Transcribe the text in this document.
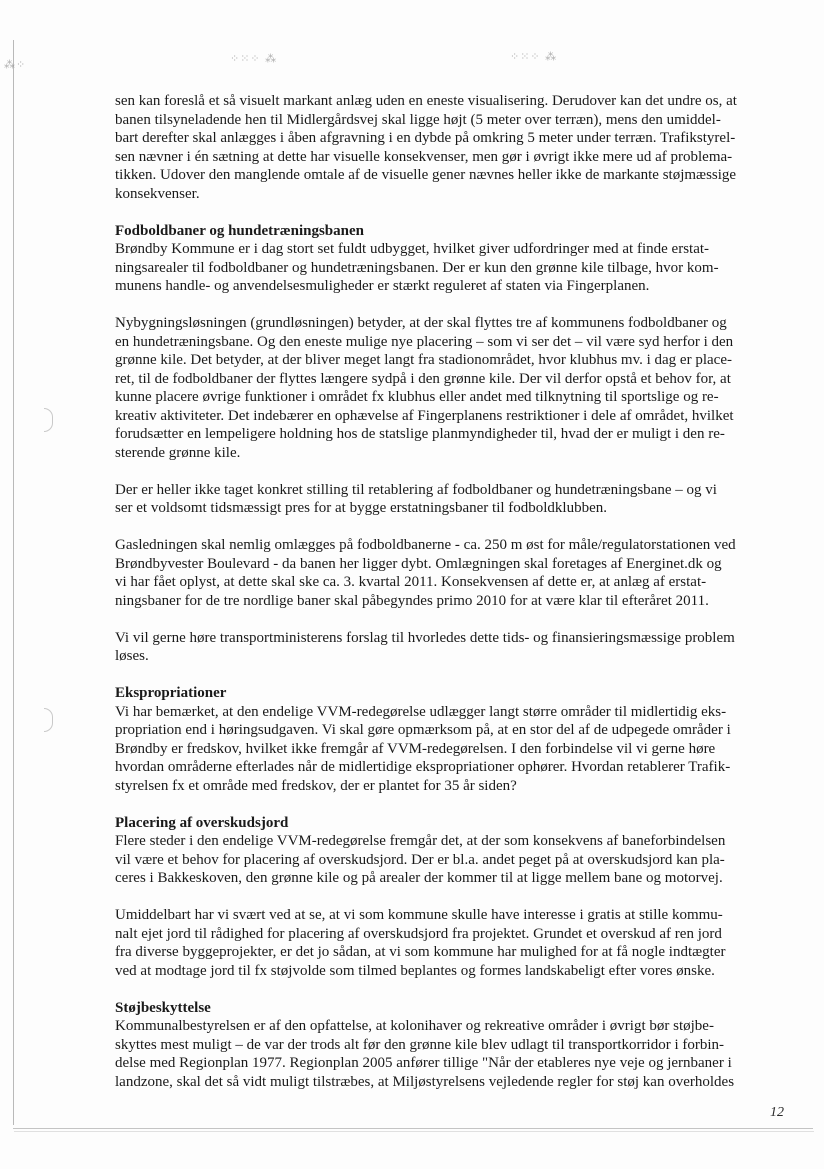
⁂⁘	⁘⁙⁘ ⁂	⁘⁙⁘ ⁂

sen kan foreslå et så visuelt markant anlæg uden en eneste visualisering. Derudover kan det undre os, at
banen tilsyneladende hen til Midlergårdsvej skal ligge højt (5 meter over terræn), mens den umiddel-
bart derefter skal anlægges i åben afgravning i en dybde på omkring 5 meter under terræn. Trafikstyrel-
sen nævner i én sætning at dette har visuelle konsekvenser, men gør i øvrigt ikke mere ud af problema-
tikken. Udover den manglende omtale af de visuelle gener nævnes heller ikke de markante støjmæssige
konsekvenser.

Fodboldbaner og hundetræningsbanen

Brøndby Kommune er i dag stort set fuldt udbygget, hvilket giver udfordringer med at finde erstat-
ningsarealer til fodboldbaner og hundetræningsbanen. Der er kun den grønne kile tilbage, hvor kom-
munens handle- og anvendelsesmuligheder er stærkt reguleret af staten via Fingerplanen.

Nybygningsløsningen (grundløsningen) betyder, at der skal flyttes tre af kommunens fodboldbaner og
en hundetræningsbane. Og den eneste mulige nye placering – som vi ser det – vil være syd herfor i den
grønne kile. Det betyder, at der bliver meget langt fra stadionområdet, hvor klubhus mv. i dag er place-
ret, til de fodboldbaner der flyttes længere sydpå i den grønne kile. Der vil derfor opstå et behov for, at
kunne placere øvrige funktioner i området fx klubhus eller andet med tilknytning til sportslige og re-
kreativ aktiviteter. Det indebærer en ophævelse af Fingerplanens restriktioner i dele af området, hvilket
forudsætter en lempeligere holdning hos de statslige planmyndigheder til, hvad der er muligt i den re-
sterende grønne kile.

Der er heller ikke taget konkret stilling til retablering af fodboldbaner og hundetræningsbane – og vi
ser et voldsomt tidsmæssigt pres for at bygge erstatningsbaner til fodboldklubben.

Gasledningen skal nemlig omlægges på fodboldbanerne - ca. 250 m øst for måle/regulatorstationen ved
Brøndbyvester Boulevard - da banen her ligger dybt. Omlægningen skal foretages af Energinet.dk og
vi har fået oplyst, at dette skal ske ca. 3. kvartal 2011. Konsekvensen af dette er, at anlæg af erstat-
ningsbaner for de tre nordlige baner skal påbegyndes primo 2010 for at være klar til efteråret 2011.

Vi vil gerne høre transportministerens forslag til hvorledes dette tids- og finansieringsmæssige problem
løses.

Ekspropriationer

Vi har bemærket, at den endelige VVM-redegørelse udlægger langt større områder til midlertidig eks-
propriation end i høringsudgaven. Vi skal gøre opmærksom på, at en stor del af de udpegede områder i
Brøndby er fredskov, hvilket ikke fremgår af VVM-redegørelsen. I den forbindelse vil vi gerne høre
hvordan områderne efterlades når de midlertidige ekspropriationer ophører. Hvordan retablerer Trafik-
styrelsen fx et område med fredskov, der er plantet for 35 år siden?

Placering af overskudsjord

Flere steder i den endelige VVM-redegørelse fremgår det, at der som konsekvens af baneforbindelsen
vil være et behov for placering af overskudsjord. Der er bl.a. andet peget på at overskudsjord kan pla-
ceres i Bakkeskoven, den grønne kile og på arealer der kommer til at ligge mellem bane og motorvej.

Umiddelbart har vi svært ved at se, at vi som kommune skulle have interesse i gratis at stille kommu-
nalt ejet jord til rådighed for placering af overskudsjord fra projektet. Grundet et overskud af ren jord
fra diverse byggeprojekter, er det jo sådan, at vi som kommune har mulighed for at få nogle indtægter
ved at modtage jord til fx støjvolde som tilmed beplantes og formes landskabeligt efter vores ønske.

Støjbeskyttelse

Kommunalbestyrelsen er af den opfattelse, at kolonihaver og rekreative områder i øvrigt bør støjbe-
skyttes mest muligt – de var der trods alt før den grønne kile blev udlagt til transportkorridor i forbin-
delse med Regionplan 1977. Regionplan 2005 anfører tillige "Når der etableres nye veje og jernbaner i
landzone, skal det så vidt muligt tilstræbes, at Miljøstyrelsens vejledende regler for støj kan overholdes

12
